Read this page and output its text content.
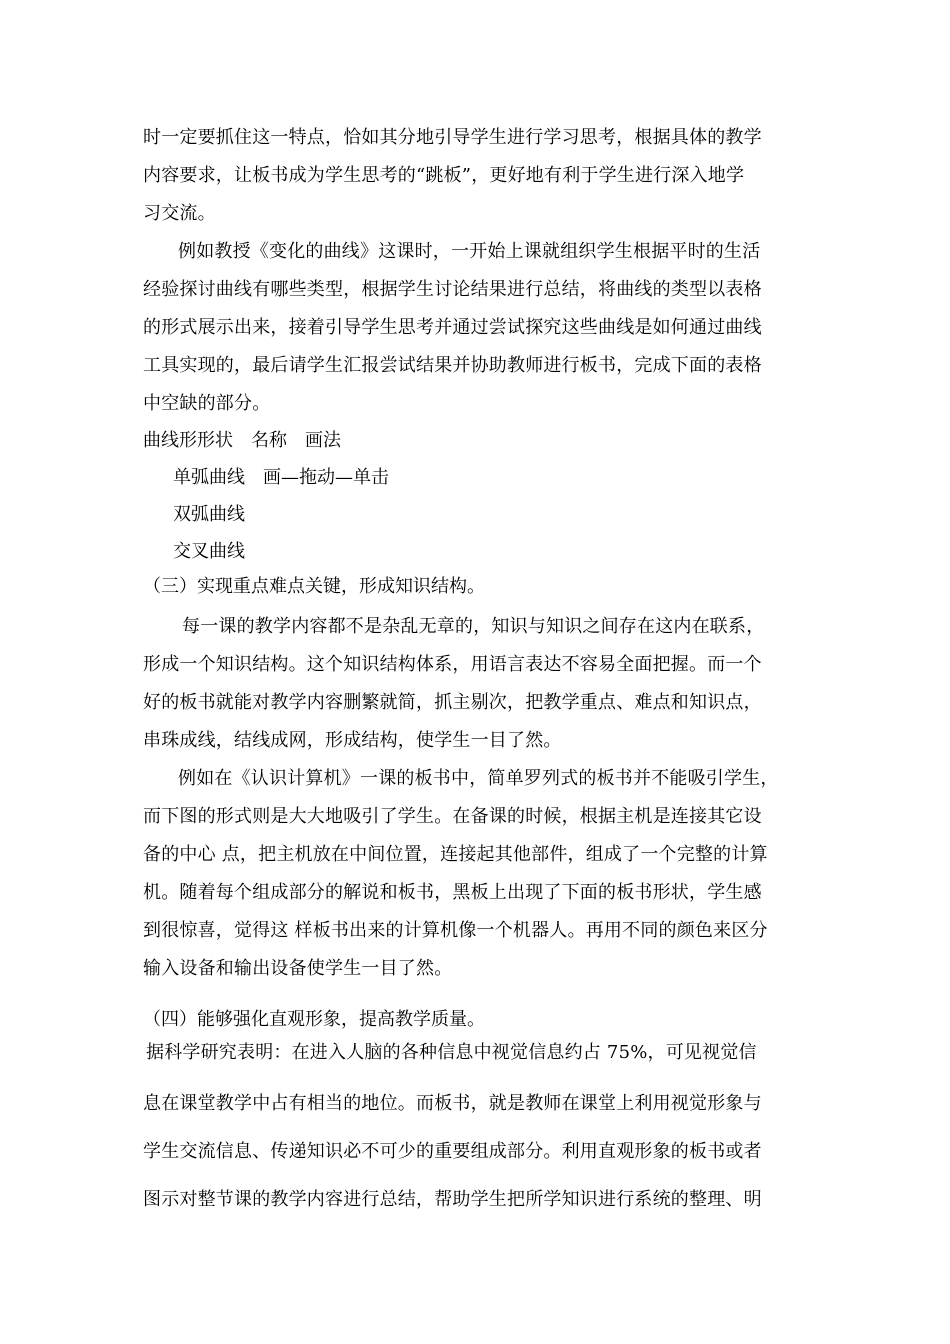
时一定要抓住这一特点，恰如其分地引导学生进行学习思考，根据具体的教学
内容要求，让板书成为学生思考的“跳板”，更好地有利于学生进行深入地学
习交流。
例如教授《变化的曲线》这课时，一开始上课就组织学生根据平时的生活
经验探讨曲线有哪些类型，根据学生讨论结果进行总结，将曲线的类型以表格
的形式展示出来，接着引导学生思考并通过尝试探究这些曲线是如何通过曲线
工具实现的，最后请学生汇报尝试结果并协助教师进行板书，完成下面的表格
中空缺的部分。
曲线形形状　名称　画法
单弧曲线　画—拖动—单击
双弧曲线
交叉曲线
（三）实现重点难点关键，形成知识结构。
每一课的教学内容都不是杂乱无章的，知识与知识之间存在这内在联系，
形成一个知识结构。这个知识结构体系，用语言表达不容易全面把握。而一个
好的板书就能对教学内容删繁就简，抓主剔次，把教学重点、难点和知识点，
串珠成线，结线成网，形成结构，使学生一目了然。
例如在《认识计算机》一课的板书中，简单罗列式的板书并不能吸引学生，
而下图的形式则是大大地吸引了学生。在备课的时候，根据主机是连接其它设
备的中心 点，把主机放在中间位置，连接起其他部件，组成了一个完整的计算
机。随着每个组成部分的解说和板书，黑板上出现了下面的板书形状，学生感
到很惊喜，觉得这 样板书出来的计算机像一个机器人。再用不同的颜色来区分
输入设备和输出设备使学生一目了然。
（四）能够强化直观形象，提高教学质量。
据科学研究表明：在进入人脑的各种信息中视觉信息约占 75%，可见视觉信
息在课堂教学中占有相当的地位。而板书，就是教师在课堂上利用视觉形象与
学生交流信息、传递知识必不可少的重要组成部分。利用直观形象的板书或者
图示对整节课的教学内容进行总结，帮助学生把所学知识进行系统的整理、明
